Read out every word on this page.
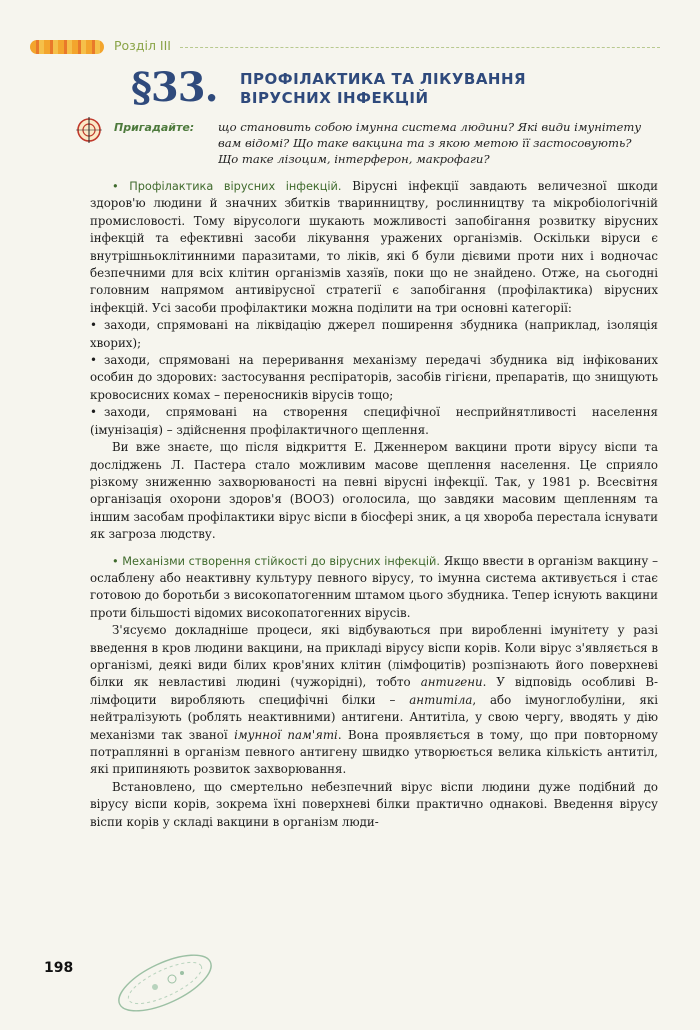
Розділ ІІІ
§33. ПРОФІЛАКТИКА ТА ЛІКУВАННЯ
ВІРУСНИХ ІНФЕКЦІЙ
Пригадайте: що становить собою імунна система людини? Які види імунітету
вам відомі? Що таке вакцина та з якою метою її застосовують?
Що таке лізоцим, інтерферон, макрофаги?

• Профілактика вірусних інфекцій. Вірусні інфекції завдають величезної шкоди здоров'ю людини й значних збитків тваринництву, рослинництву та мікробіологічній промисловості. Тому вірусологи шукають можливості запобігання розвитку вірусних інфекцій та ефективні засоби лікування уражених організмів. Оскільки віруси є внутрішньоклітинними паразитами, то ліків, які б були дієвими проти них і водночас безпечними для всіх клітин організмів хазяїв, поки що не знайдено. Отже, на сьогодні головним напрямом антивірусної стратегії є запобігання (профілактика) вірусних інфекцій. Усі засоби профілактики можна поділити на три основні категорії:

• заходи, спрямовані на ліквідацію джерел поширення збудника (наприклад, ізоляція хворих);

• заходи, спрямовані на переривання механізму передачі збудника від інфікованих особин до здорових: застосування респіраторів, засобів гігієни, препаратів, що знищують кровосисних комах – переносників вірусів тощо;

• заходи, спрямовані на створення специфічної несприйнятливості населення (імунізація) – здійснення профілактичного щеплення.

Ви вже знаєте, що після відкриття Е. Дженнером вакцини проти вірусу віспи та досліджень Л. Пастера стало можливим масове щеплення населення. Це сприяло різкому зниженню захворюваності на певні вірусні інфекції. Так, у 1981 р. Всесвітня організація охорони здоров'я (ВООЗ) оголосила, що завдяки масовим щепленням та іншим засобам профілактики вірус віспи в біосфері зник, а ця хвороба перестала існувати як загроза людству.

• Механізми створення стійкості до вірусних інфекцій. Якщо ввести в організм вакцину – ослаблену або неактивну культуру певного вірусу, то імунна система активується і стає готовою до боротьби з високопатогенним штамом цього збудника. Тепер існують вакцини проти більшості відомих високопатогенних вірусів.

З'ясуємо докладніше процеси, які відбуваються при виробленні імунітету у разі введення в кров людини вакцини, на прикладі вірусу віспи корів. Коли вірус з'являється в організмі, деякі види білих кров'яних клітин (лімфоцитів) розпізнають його поверхневі білки як невластиві людині (чужорідні), тобто антигени. У відповідь особливі В-лімфоцити виробляють специфічні білки – антитіла, або імуноглобуліни, які нейтралізують (роблять неактивними) антигени. Антитіла, у свою чергу, вводять у дію механізми так званої імунної пам'яті. Вона проявляється в тому, що при повторному потраплянні в організм певного антигену швидко утворюється велика кількість антитіл, які припиняють розвиток захворювання.

Встановлено, що смертельно небезпечний вірус віспи людини дуже подібний до вірусу віспи корів, зокрема їхні поверхневі білки практично однакові. Введення вірусу віспи корів у складі вакцини в організм люди-

198
